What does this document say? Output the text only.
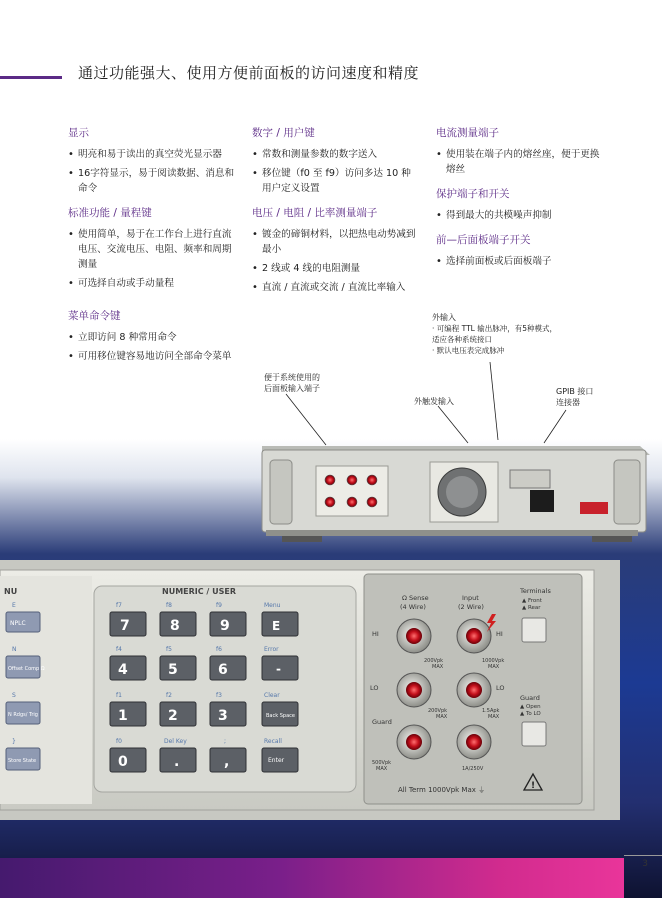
通过功能强大、使用方便前面板的访问速度和精度
显示
• 明亮和易于读出的真空荧光显示器
• 16字符显示，易于阅读数据、消息和命令
标准功能 / 量程键
• 使用简单，易于在工作台上进行直流电压、交流电压、电阻、频率和周期测量
• 可选择自动或手动量程
菜单命令键
• 立即访问 8 种常用命令
• 可用移位键容易地访问全部命令菜单
数字 / 用户键
• 常数和测量参数的数字送入
• 移位键（f0 至 f9）访问多达 10 种用户定义设置
电压 / 电阻 / 比率测量端子
• 镀金的碲铜材料，以把热电动势减到最小
• 2 线或 4 线的电阻测量
• 直流 / 直流或交流 / 直流比率输入
电流测量端子
• 使用装在端子内的熔丝座，便于更换熔丝
保护端子和开关
• 得到最大的共模噪声抑制
前—后面板端子开关
• 选择前面板或后面板端子
外输入
· 可编程 TTL 输出脉冲，有5种模式，
适应各种系统接口
· 默认电压表完成脉冲
便于系统使用的
后面板输入端子
外触发输入
GPIB 接口
连接器
NU	NUMERIC / USER
E
NPLC
N
Offset Comp Ω
S
N Rdgs/ Trig
}
Store State
f7
7
f8
8
f9
9
Menu
E
f4
4
f5
5
f6
6
Error
-
f1
1
f2
2
f3
3
Clear
Back Space
f0
0
Del Key
.
;
,
Recall
Enter
Ω Sense
(4 Wire)
Input
(2 Wire)
HI
LO
HI
LO
Guard
200Vpk
MAX
1000Vpk
MAX
200Vpk
MAX
1.5Apk
MAX
500Vpk
MAX	1A/250V
All Term 1000Vpk Max ⏚
Terminals
▲ Front
▲ Rear
Guard
▲ Open
▲ To LO
!
3
